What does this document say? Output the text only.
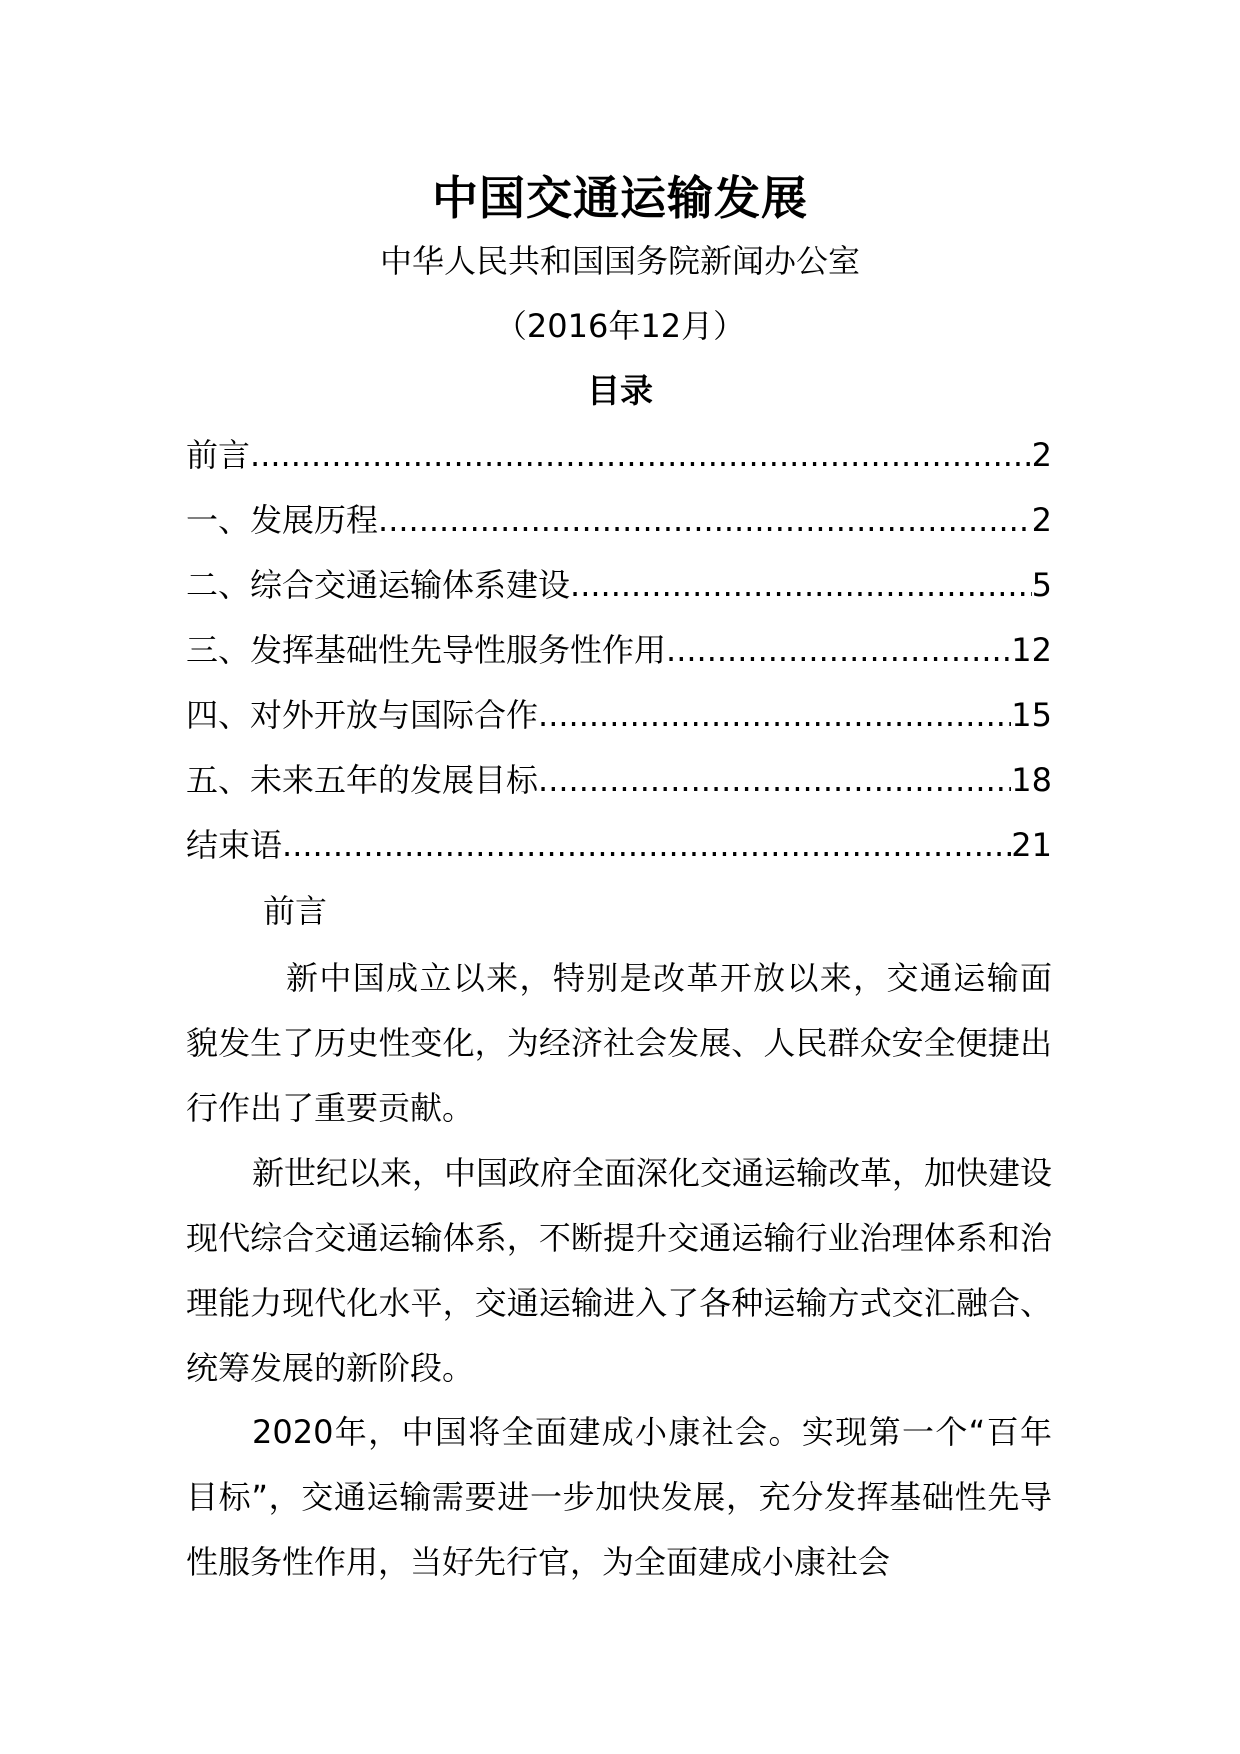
中国交通运输发展
中华人民共和国国务院新闻办公室
（2016年12月）
目录
前言 .....	2
一、发展历程 .....	2
二、综合交通运输体系建设 .....	5
三、发挥基础性先导性服务性作用 .....	12
四、对外开放与国际合作 .....	15
五、未来五年的发展目标 .....	18
结束语 .....	21
前言
新中国成立以来，特别是改革开放以来，交通运输面貌发生了历史性变化，为经济社会发展、人民群众安全便捷出行作出了重要贡献。
新世纪以来，中国政府全面深化交通运输改革，加快建设现代综合交通运输体系，不断提升交通运输行业治理体系和治理能力现代化水平，交通运输进入了各种运输方式交汇融合、统筹发展的新阶段。
2020年，中国将全面建成小康社会。实现第一个“百年目标”，交通运输需要进一步加快发展，充分发挥基础性先导性服务性作用，当好先行官，为全面建成小康社会
